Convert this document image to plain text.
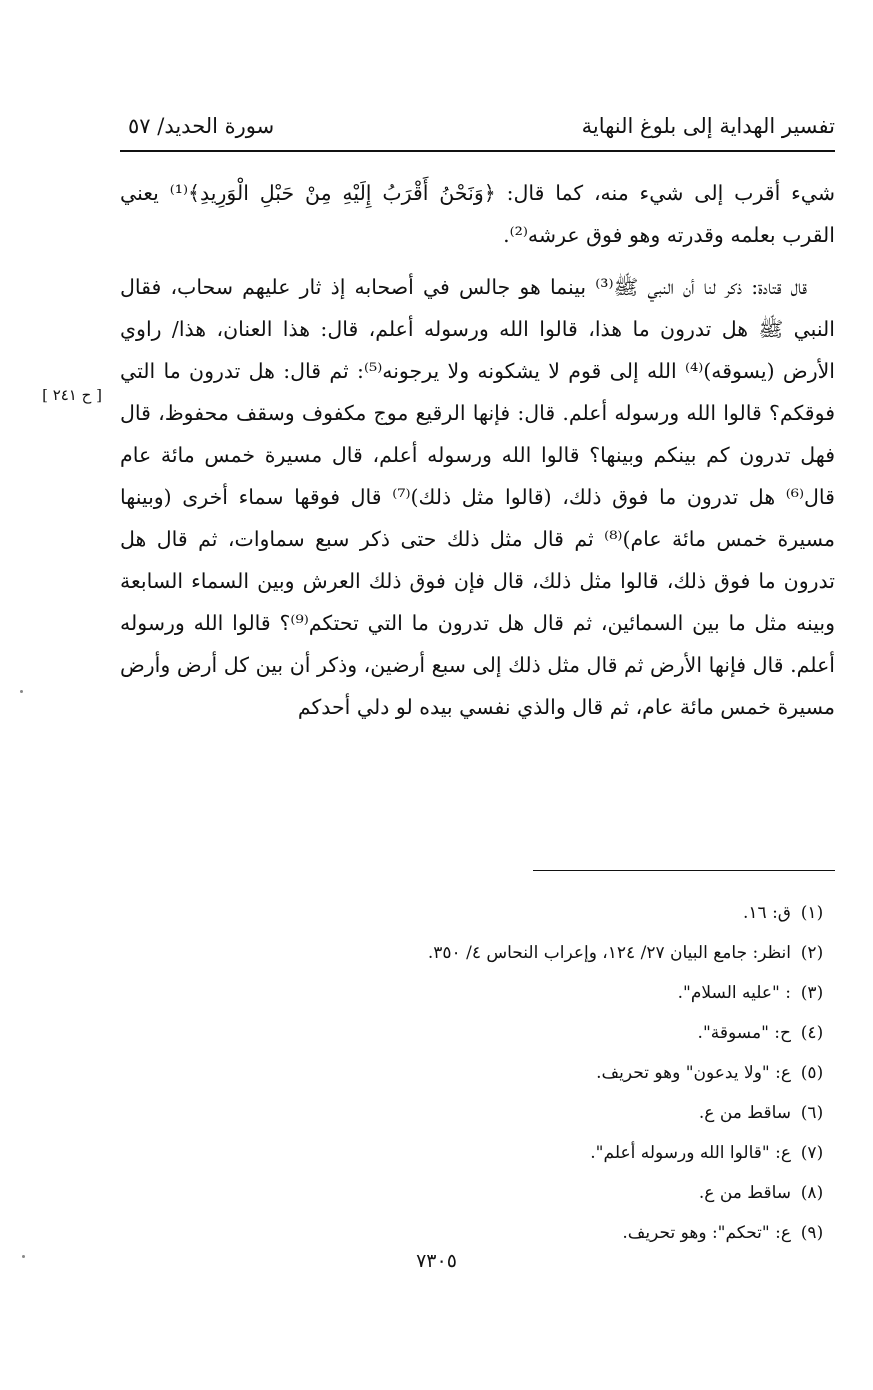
تفسير الهداية إلى بلوغ النهاية
سورة الحديد/ ٥٧

شيء أقرب إلى شيء منه، كما قال: ﴿وَنَحْنُ أَقْرَبُ إِلَيْهِ مِنْ حَبْلِ الْوَرِيدِ﴾⁽¹⁾ يعني القرب بعلمه وقدرته وهو فوق عرشه⁽²⁾.

قال قتادة: ذكر لنا أن النبي ﷺ⁽³⁾ بينما هو جالس في أصحابه إذ ثار عليهم سحاب، فقال النبي ﷺ هل تدرون ما هذا، قالوا الله ورسوله أعلم، قال: هذا العنان، هذا/ راوي الأرض (يسوقه)⁽⁴⁾ الله إلى قوم لا يشكونه ولا يرجونه⁽⁵⁾: ثم قال: هل تدرون ما التي فوقكم؟ قالوا الله ورسوله أعلم. قال: فإنها الرقيع موج مكفوف وسقف محفوظ، قال فهل تدرون كم بينكم وبينها؟ قالوا الله ورسوله أعلم، قال مسيرة خمس مائة عام قال⁽⁶⁾ هل تدرون ما فوق ذلك، (قالوا مثل ذلك)⁽⁷⁾ قال فوقها سماء أخرى (وبينها مسيرة خمس مائة عام)⁽⁸⁾ ثم قال مثل ذلك حتى ذكر سبع سماوات، ثم قال هل تدرون ما فوق ذلك، قالوا مثل ذلك، قال فإن فوق ذلك العرش وبين السماء السابعة وبينه مثل ما بين السمائين، ثم قال هل تدرون ما التي تحتكم⁽⁹⁾؟ قالوا الله ورسوله أعلم. قال فإنها الأرض ثم قال مثل ذلك إلى سبع أرضين، وذكر أن بين كل أرض وأرض مسيرة خمس مائة عام، ثم قال والذي نفسي بيده لو دلي أحدكم

[ ح ٢٤١ ]
(١)ق: ١٦.
(٢)انظر: جامع البيان ٢٧/ ١٢٤، وإعراب النحاس ٤/ ٣٥٠.
(٣): "عليه السلام".
(٤)ح: "مسوقة".
(٥)ع: "ولا يدعون" وهو تحريف.
(٦)ساقط من ع.
(٧)ع: "قالوا الله ورسوله أعلم".
(٨)ساقط من ع.
(٩)ع: "تحكم": وهو تحريف.
٧٣٠٥
